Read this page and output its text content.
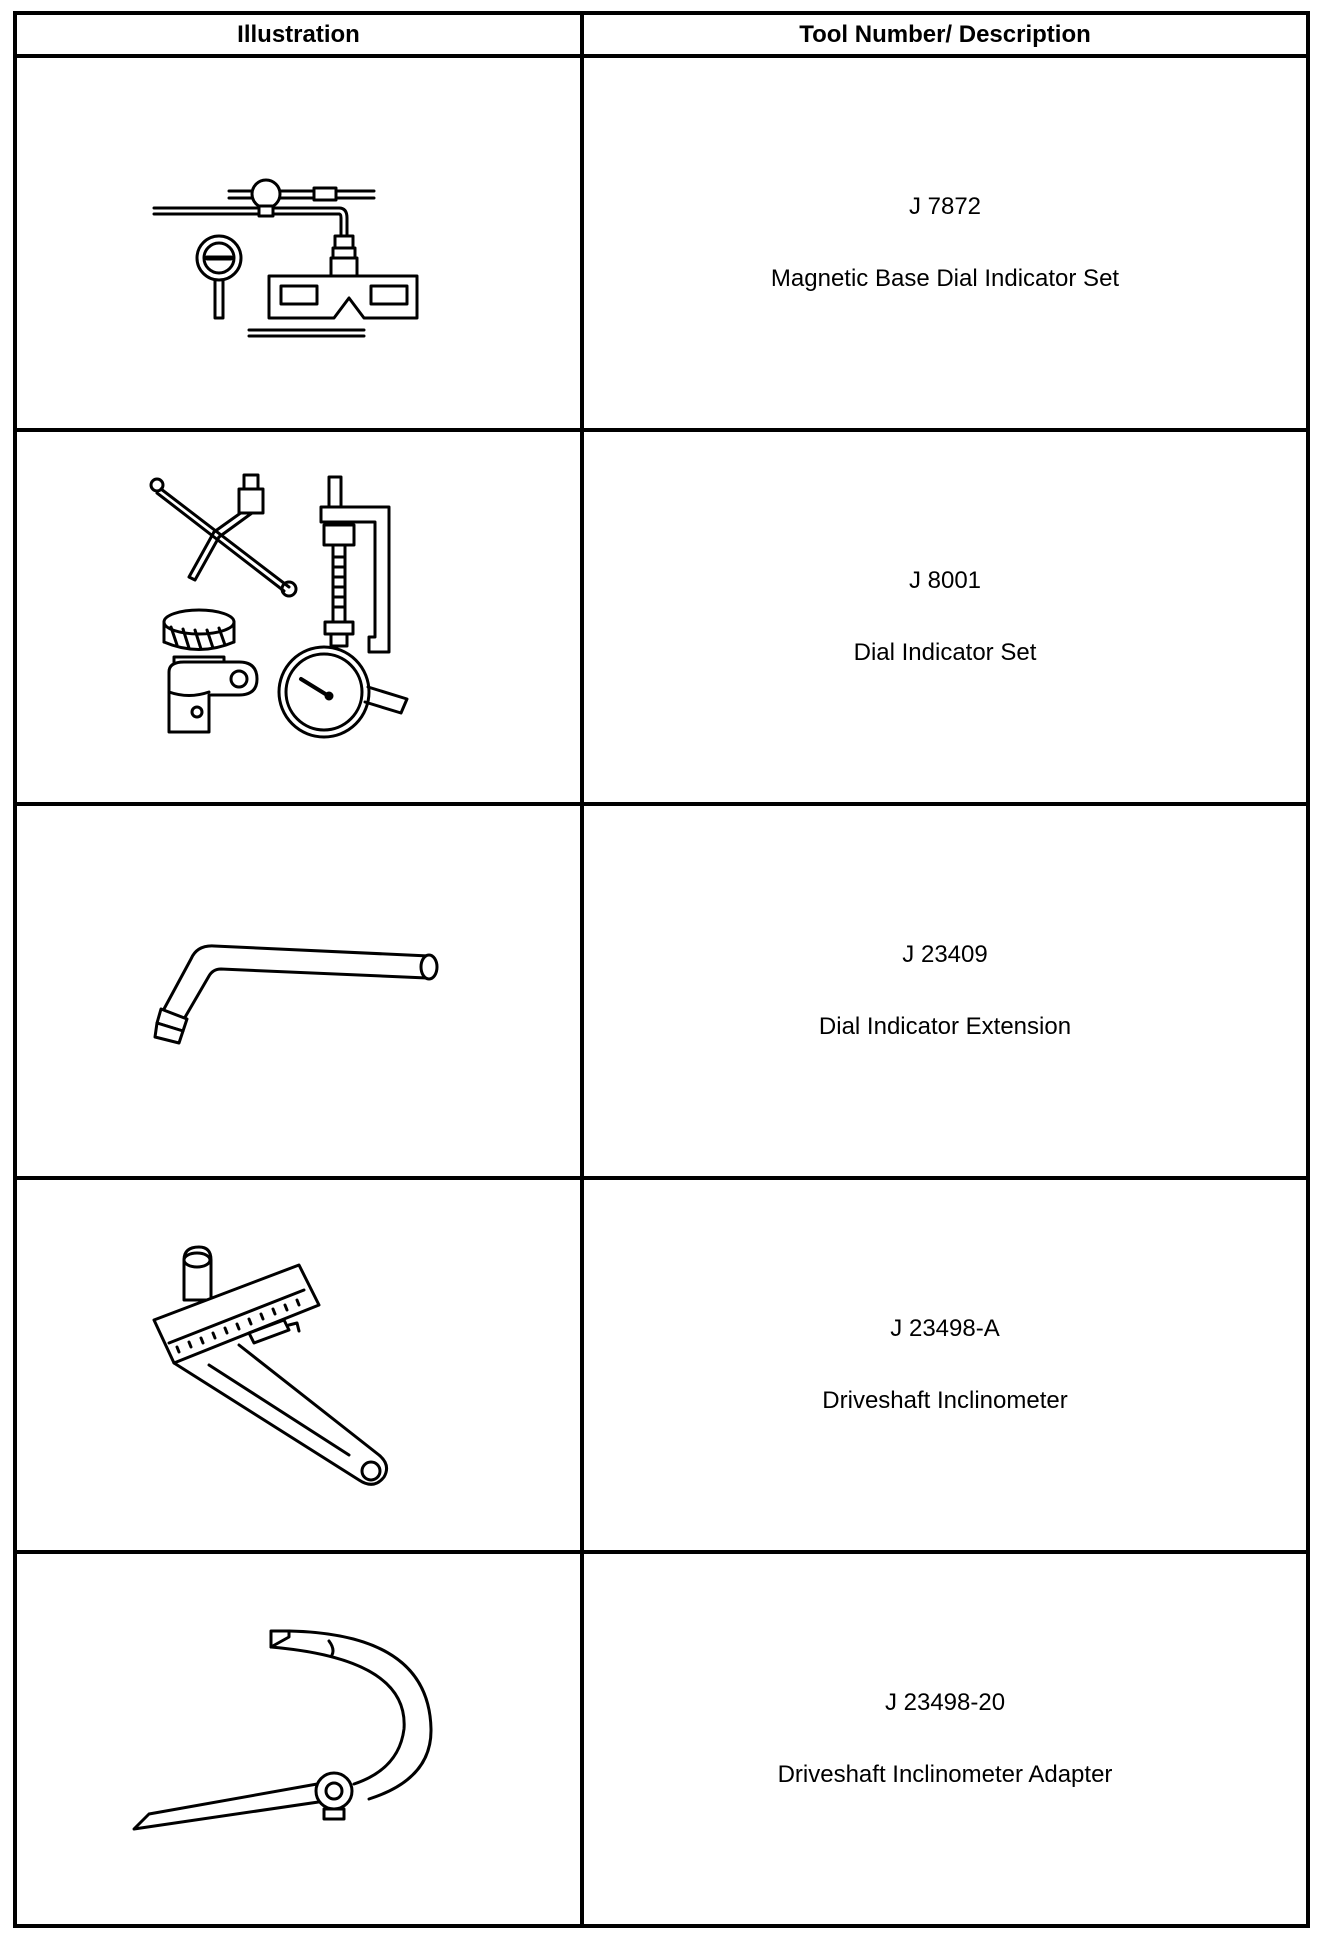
Illustration	Tool Number/ Description

J 7872
Magnetic Base Dial Indicator Set

J 8001
Dial Indicator Set

J 23409
Dial Indicator Extension

J 23498-A
Driveshaft Inclinometer

J 23498-20
Driveshaft Inclinometer Adapter
